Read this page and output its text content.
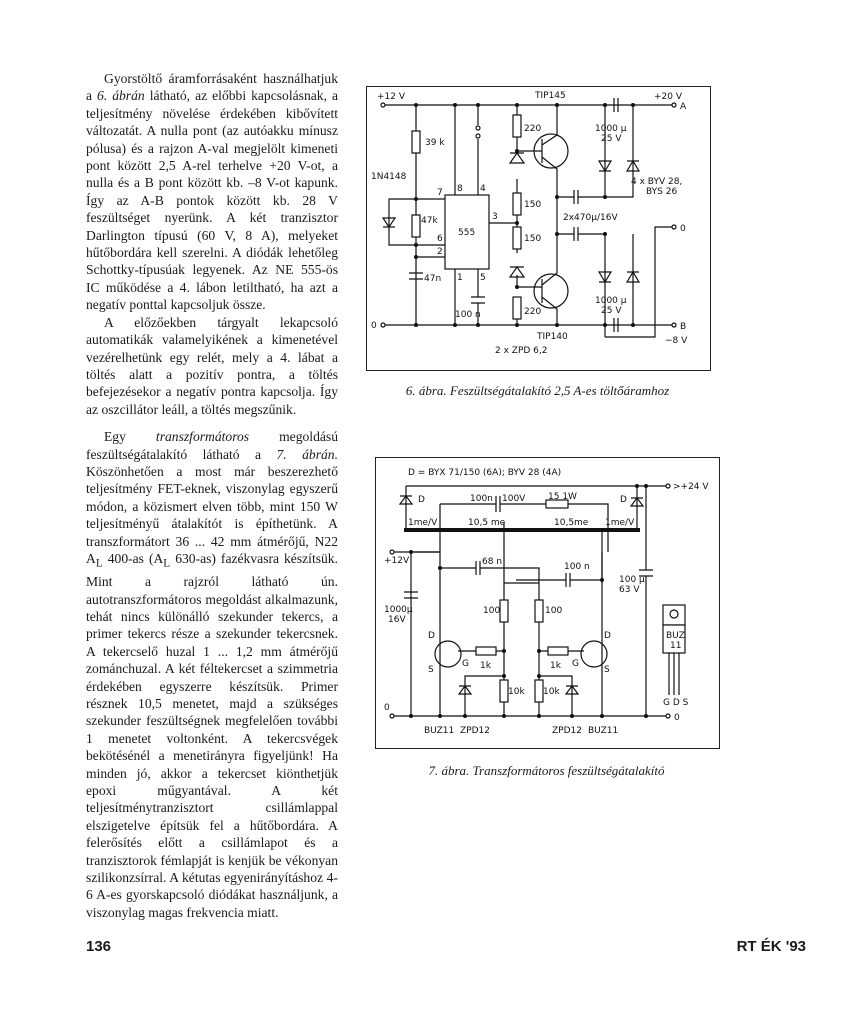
Gyorstöltő áramforrásaként használhatjuk a 6. ábrán látható, az előbbi kapcsolásnak, a teljesítmény növelése érdekében kibővített változatát. A nulla pont (az autóakku mínusz pólusa) és a rajzon A-val megjelölt kimeneti pont között 2,5 A-rel terhelve +20 V-ot, a nulla és a B pont között kb. –8 V-ot kapunk. Így az A-B pontok között kb. 28 V feszültséget nyerünk. A két tranzisztor Darlington típusú (60 V, 8 A), melyeket hűtőbordára kell szerelni. A diódák lehetőleg Schottky-típusúak legyenek. Az NE 555-ös IC működése a 4. lábon letiltható, ha azt a negatív ponttal kapcsoljuk össze.

A előzőekben tárgyalt lekapcsoló automatikák valamelyikének a kimenetével vezérelhetünk egy relét, mely a 4. lábat a töltés alatt a pozitív pontra, a töltés befejezésekor a negatív pontra kapcsolja. Így az oszcillátor leáll, a töltés megszűnik.

Egy transzformátoros megoldású feszültségátalakító látható a 7. ábrán. Köszönhetően a most már beszerezhető teljesítmény FET-eknek, viszonylag egyszerű módon, a közismert elven több, mint 150 W teljesítményű átalakítót is építhetünk. A transzformátort 36 ... 42 mm átmérőjű, N22 $A_L$ 400-as ($A_L$ 630-as) fazékvasra készítsük. Mint a rajzról látható ún. autotranszformátoros megoldást alkalmazunk, tehát nincs különálló szekunder tekercs, a primer tekercs része a szekunder tekercsnek. A tekercselő huzal 1 ... 1,2 mm átmérőjű zománchuzal. A két féltekercset a szimmetria érdekében egyszerre készítsük. Primer résznek 10,5 menetet, majd a szükséges szekunder feszültségnek megfelelően további 1 menetet voltonként. A tekercsvégek bekötésénél a menetirányra figyeljünk! Ha minden jó, akkor a tekercset kiönthetjük epoxi műgyantával. A két teljesítménytranzisztort csillámlappal elszigetelve építsük fel a hűtőbordára. A felerősítés előtt a csillámlapot és a tranzisztorok fémlapját is kenjük be vékonyan szilikonzsírral. A kétutas egyenirányításhoz 4-6 A-es gyorskapcsoló diódákat használjunk, a viszonylag magas frekvencia miatt.

+12 V
0
39 k
1N4148
47k
47n
100 n
555
8 4
7
6
2
3
1 5
220
150
150
220
TIP145
TIP140
2 x ZPD 6,2
1000 µ
25 V
1000 µ
25 V
2x470µ/16V
4 x BYV 28,
BYS 26
+20 V
A
0
B
−8 V
6. ábra. Feszültségátalakító 2,5 A-es töltőáramhoz
D = BYX 71/150 (6A); BYV 28 (4A)
>+24 V
D	D
100n 100V	15 1W
1me/V	1me/V
10,5 me	10,5me
+12V	68 n	100 n
1000µ
16V
100 µ
63 V
100	100
1k	1k
10k 10k
D
S
G
D
S
G
0
0
BUZ11 ZPD12	ZPD12 BUZ11
BUZ
11
G D S
7. ábra. Transzformátoros feszültségátalakító
136	RT ÉK '93
